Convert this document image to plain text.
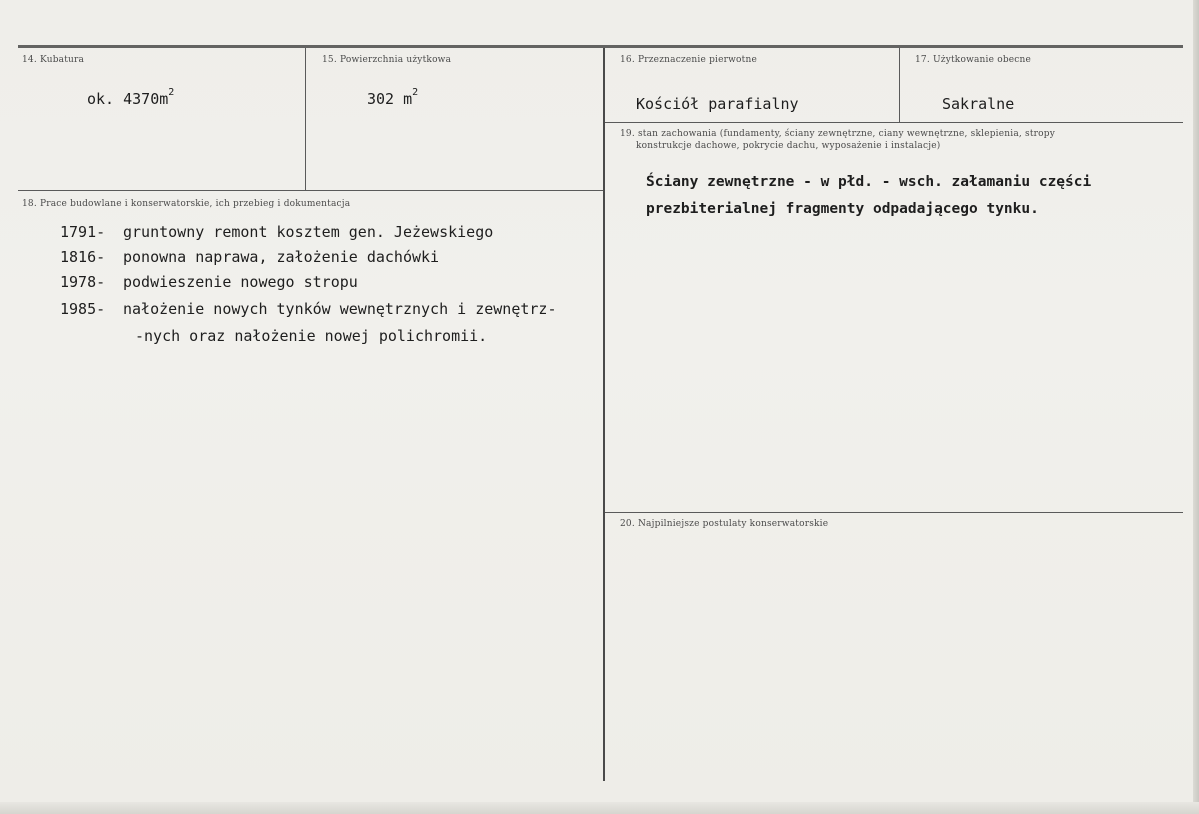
14. Kubatura
ok. $4370m^2$
15. Powierzchnia użytkowa
302 $m^2$
16. Przeznaczenie pierwotne
Kościół parafialny
17. Użytkowanie obecne
Sakralne
18. Prace budowlane i konserwatorskie, ich przebieg i dokumentacja
1791- gruntowny remont kosztem gen. Jeżewskiego
1816- ponowna naprawa, założenie dachówki
1978- podwieszenie nowego stropu
1985- nałożenie nowych tynków wewnętrznych i zewnętrz-
-nych oraz nałożenie nowej polichromii.
19. stan zachowania (fundamenty, ściany zewnętrzne, ciany wewnętrzne, sklepienia, stropy
konstrukcje dachowe, pokrycie dachu, wyposażenie i instalacje)
Ściany zewnętrzne - w płd. - wsch. załamaniu części
prezbiterialnej fragmenty odpadającego tynku.
20. Najpilniejsze postulaty konserwatorskie
